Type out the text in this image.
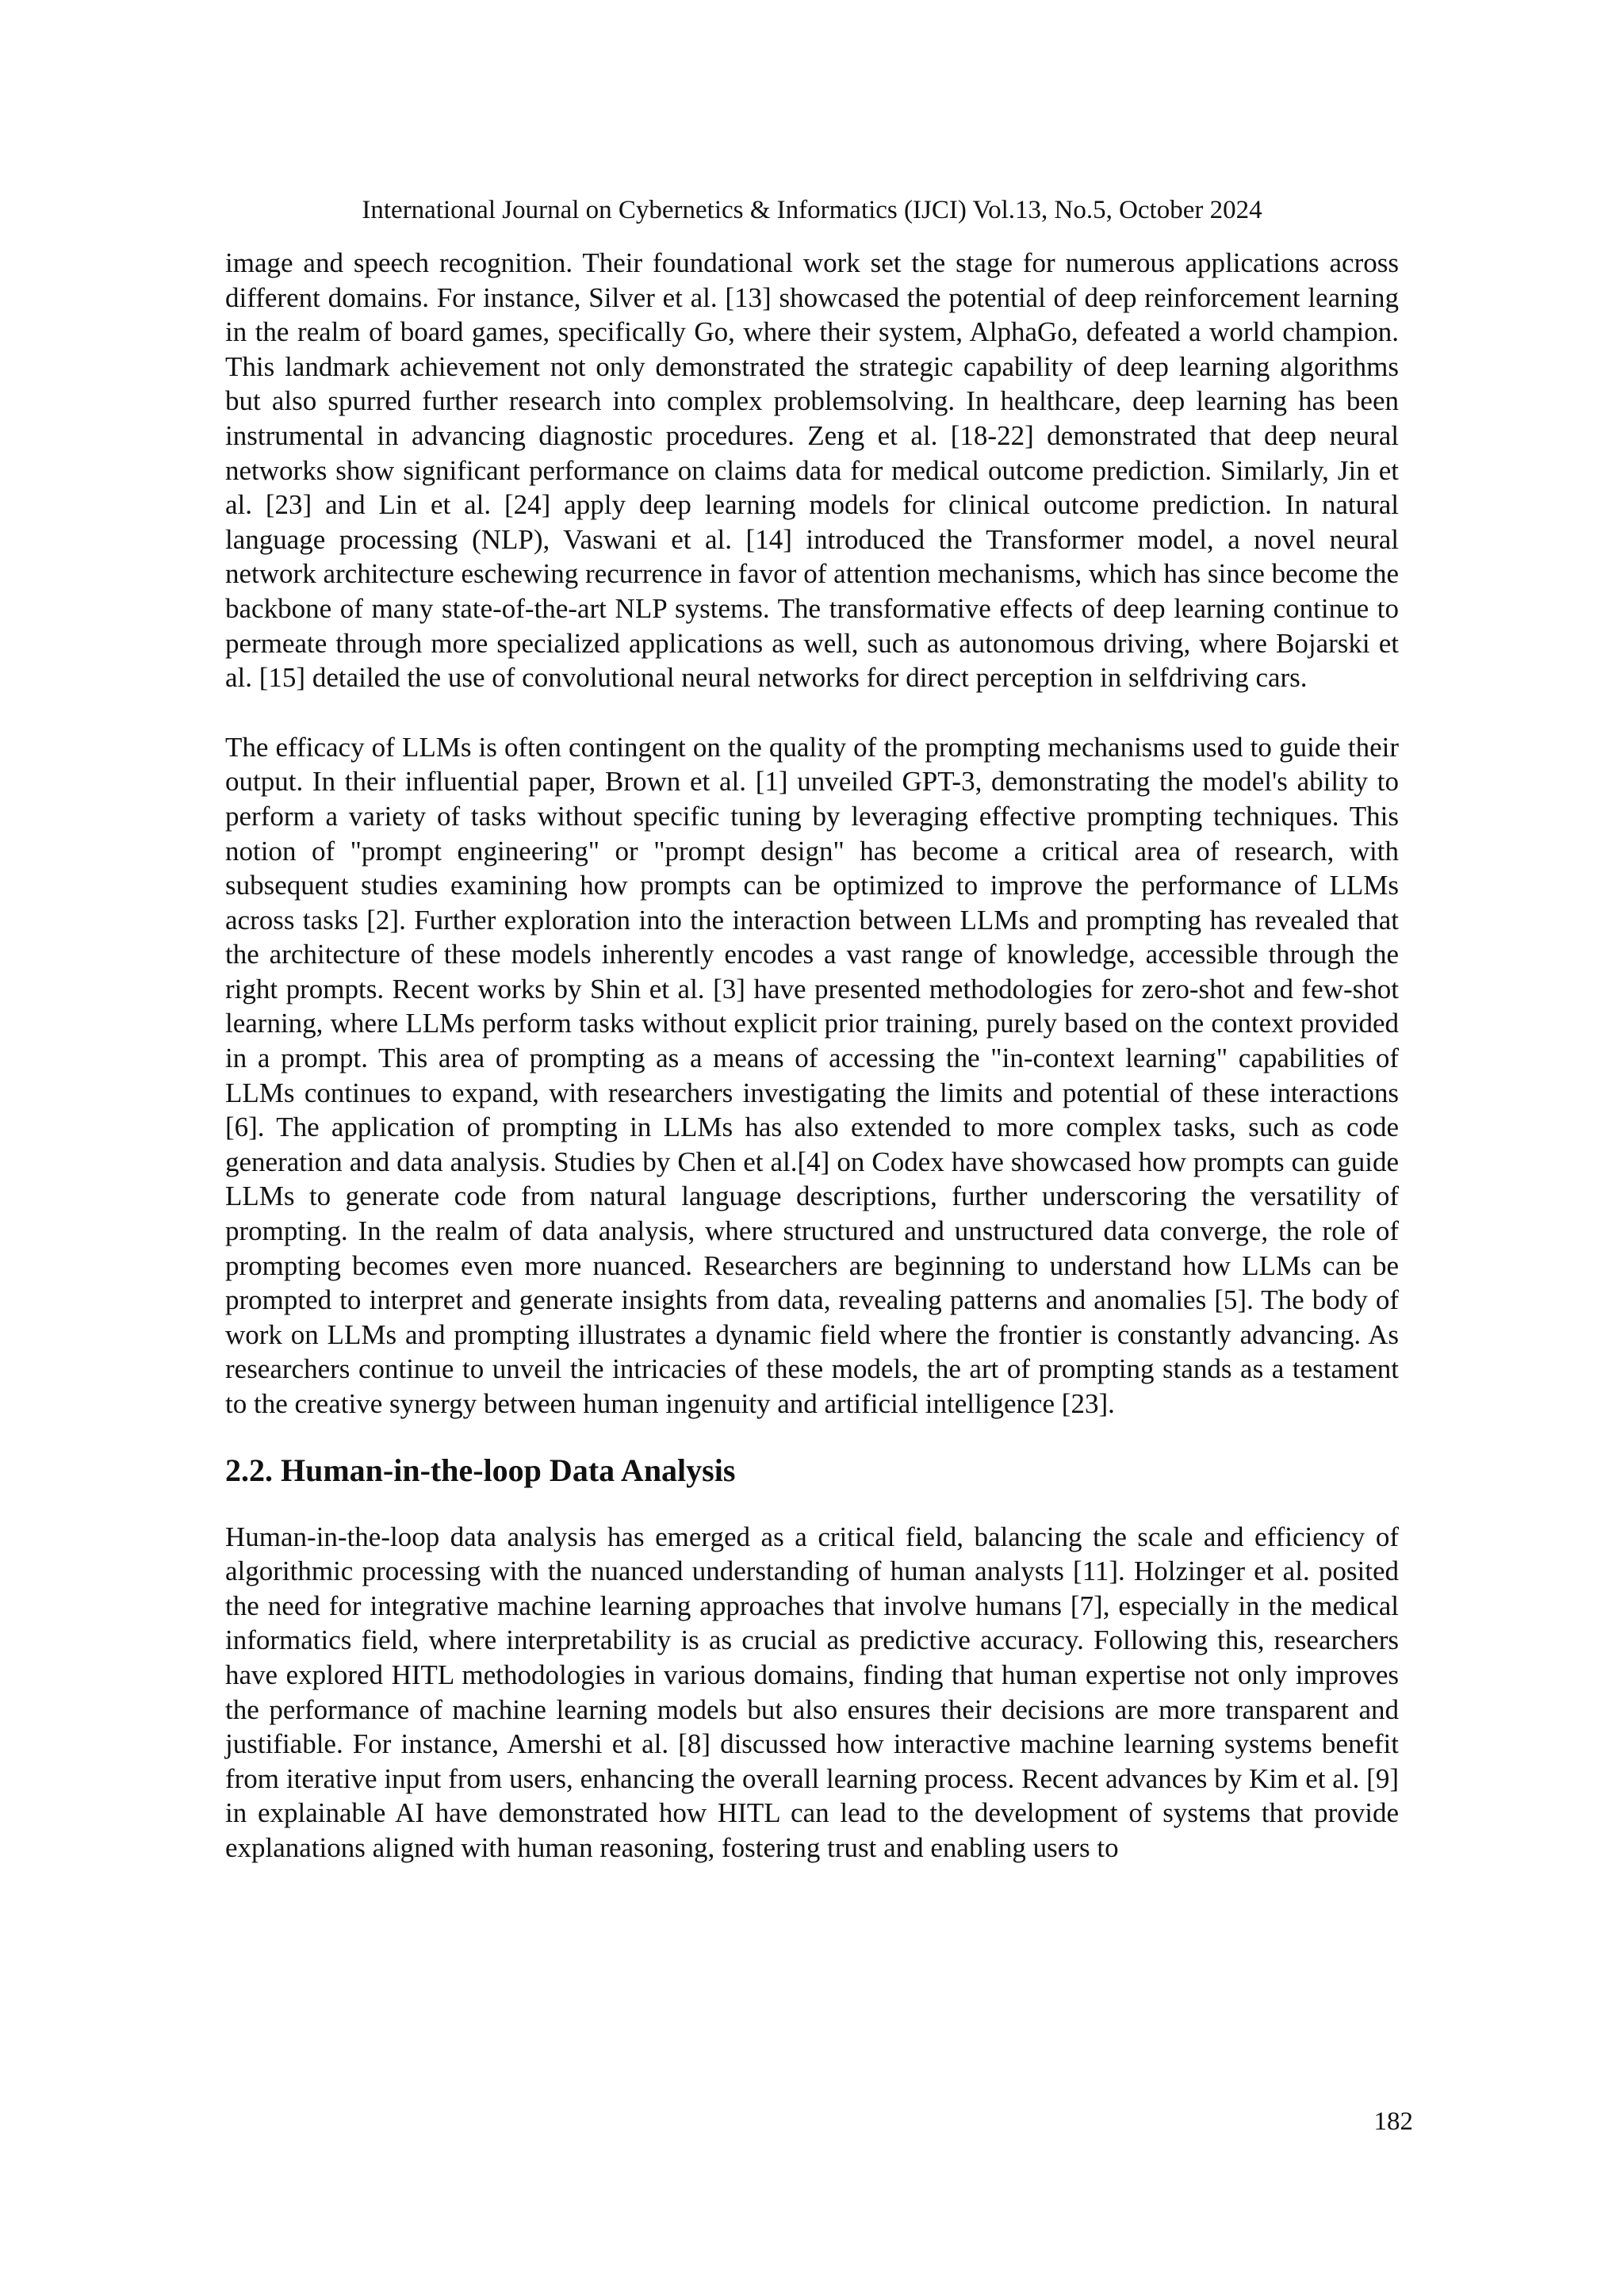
International Journal on Cybernetics & Informatics (IJCI) Vol.13, No.5, October 2024

image and speech recognition. Their foundational work set the stage for numerous applications across different domains. For instance, Silver et al. [13] showcased the potential of deep reinforcement learning in the realm of board games, specifically Go, where their system, AlphaGo, defeated a world champion. This landmark achievement not only demonstrated the strategic capability of deep learning algorithms but also spurred further research into complex problemsolving. In healthcare, deep learning has been instrumental in advancing diagnostic procedures. Zeng et al. [18-22] demonstrated that deep neural networks show significant performance on claims data for medical outcome prediction. Similarly, Jin et al. [23] and Lin et al. [24] apply deep learning models for clinical outcome prediction. In natural language processing (NLP), Vaswani et al. [14] introduced the Transformer model, a novel neural network architecture eschewing recurrence in favor of attention mechanisms, which has since become the backbone of many state-of-the-art NLP systems. The transformative effects of deep learning continue to permeate through more specialized applications as well, such as autonomous driving, where Bojarski et al. [15] detailed the use of convolutional neural networks for direct perception in selfdriving cars.

The efficacy of LLMs is often contingent on the quality of the prompting mechanisms used to guide their output. In their influential paper, Brown et al. [1] unveiled GPT-3, demonstrating the model's ability to perform a variety of tasks without specific tuning by leveraging effective prompting techniques. This notion of "prompt engineering" or "prompt design" has become a critical area of research, with subsequent studies examining how prompts can be optimized to improve the performance of LLMs across tasks [2]. Further exploration into the interaction between LLMs and prompting has revealed that the architecture of these models inherently encodes a vast range of knowledge, accessible through the right prompts. Recent works by Shin et al. [3] have presented methodologies for zero-shot and few-shot learning, where LLMs perform tasks without explicit prior training, purely based on the context provided in a prompt. This area of prompting as a means of accessing the "in-context learning" capabilities of LLMs continues to expand, with researchers investigating the limits and potential of these interactions [6]. The application of prompting in LLMs has also extended to more complex tasks, such as code generation and data analysis. Studies by Chen et al.[4] on Codex have showcased how prompts can guide LLMs to generate code from natural language descriptions, further underscoring the versatility of prompting. In the realm of data analysis, where structured and unstructured data converge, the role of prompting becomes even more nuanced. Researchers are beginning to understand how LLMs can be prompted to interpret and generate insights from data, revealing patterns and anomalies [5]. The body of work on LLMs and prompting illustrates a dynamic field where the frontier is constantly advancing. As researchers continue to unveil the intricacies of these models, the art of prompting stands as a testament to the creative synergy between human ingenuity and artificial intelligence [23].

2.2. Human-in-the-loop Data Analysis

Human-in-the-loop data analysis has emerged as a critical field, balancing the scale and efficiency of algorithmic processing with the nuanced understanding of human analysts [11]. Holzinger et al. posited the need for integrative machine learning approaches that involve humans [7], especially in the medical informatics field, where interpretability is as crucial as predictive accuracy. Following this, researchers have explored HITL methodologies in various domains, finding that human expertise not only improves the performance of machine learning models but also ensures their decisions are more transparent and justifiable. For instance, Amershi et al. [8] discussed how interactive machine learning systems benefit from iterative input from users, enhancing the overall learning process. Recent advances by Kim et al. [9] in explainable AI have demonstrated how HITL can lead to the development of systems that provide explanations aligned with human reasoning, fostering trust and enabling users to

182
